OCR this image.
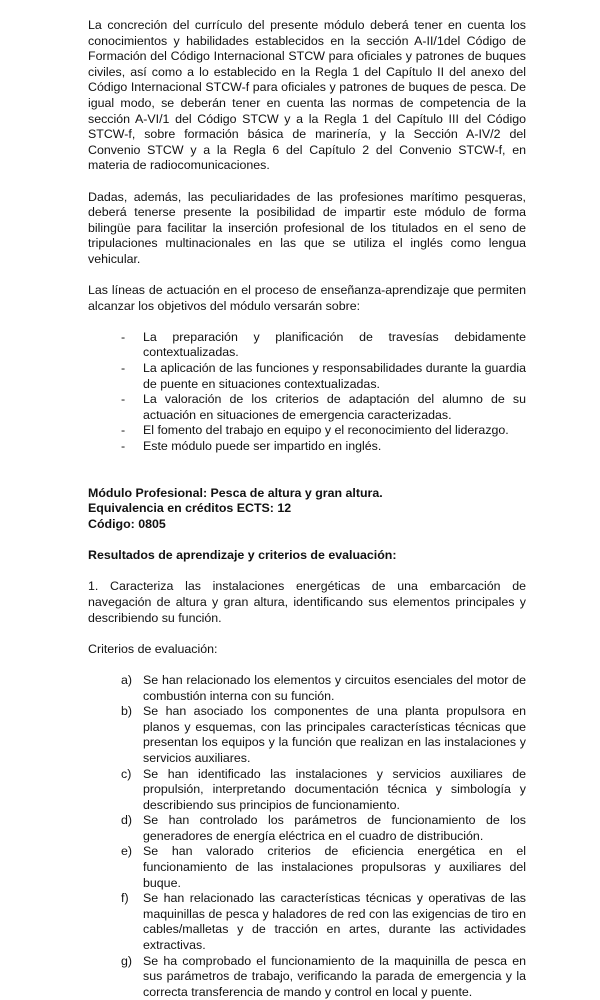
La concreción del currículo del presente módulo deberá tener en cuenta los conocimientos y habilidades establecidos en la sección A-II/1del Código de Formación del Código Internacional STCW para oficiales y patrones de buques civiles, así como a lo establecido en la Regla 1 del Capítulo II del anexo del Código Internacional STCW-f para oficiales y patrones de buques de pesca. De igual modo, se deberán tener en cuenta las normas de competencia de la sección A-VI/1 del Código STCW y a la Regla 1 del Capítulo III del Código STCW-f, sobre formación básica de marinería, y la Sección A-IV/2 del Convenio STCW y a la Regla 6 del Capítulo 2 del Convenio STCW-f, en materia de radiocomunicaciones.

Dadas, además, las peculiaridades de las profesiones marítimo pesqueras, deberá tenerse presente la posibilidad de impartir este módulo de forma bilingüe para facilitar la inserción profesional de los titulados en el seno de tripulaciones multinacionales en las que se utiliza el inglés como lengua vehicular.

Las líneas de actuación en el proceso de enseñanza-aprendizaje que permiten alcanzar los objetivos del módulo versarán sobre:

- La preparación y planificación de travesías debidamente contextualizadas.
- La aplicación de las funciones y responsabilidades durante la guardia de puente en situaciones contextualizadas.
- La valoración de los criterios de adaptación del alumno de su actuación en situaciones de emergencia caracterizadas.
- El fomento del trabajo en equipo y el reconocimiento del liderazgo.
- Este módulo puede ser impartido en inglés.

Módulo Profesional: Pesca de altura y gran altura.

Equivalencia en créditos ECTS: 12

Código: 0805

Resultados de aprendizaje y criterios de evaluación:

1. Caracteriza las instalaciones energéticas de una embarcación de navegación de altura y gran altura, identificando sus elementos principales y describiendo su función.

Criterios de evaluación:

a) Se han relacionado los elementos y circuitos esenciales del motor de combustión interna con su función.
b) Se han asociado los componentes de una planta propulsora en planos y esquemas, con las principales características técnicas que presentan los equipos y la función que realizan en las instalaciones y servicios auxiliares.
c) Se han identificado las instalaciones y servicios auxiliares de propulsión, interpretando documentación técnica y simbología y describiendo sus principios de funcionamiento.
d) Se han controlado los parámetros de funcionamiento de los generadores de energía eléctrica en el cuadro de distribución.
e) Se han valorado criterios de eficiencia energética en el funcionamiento de las instalaciones propulsoras y auxiliares del buque.
f) Se han relacionado las características técnicas y operativas de las maquinillas de pesca y haladores de red con las exigencias de tiro en cables/malletas y de tracción en artes, durante las actividades extractivas.
g) Se ha comprobado el funcionamiento de la maquinilla de pesca en sus parámetros de trabajo, verificando la parada de emergencia y la correcta transferencia de mando y control en local y puente.
